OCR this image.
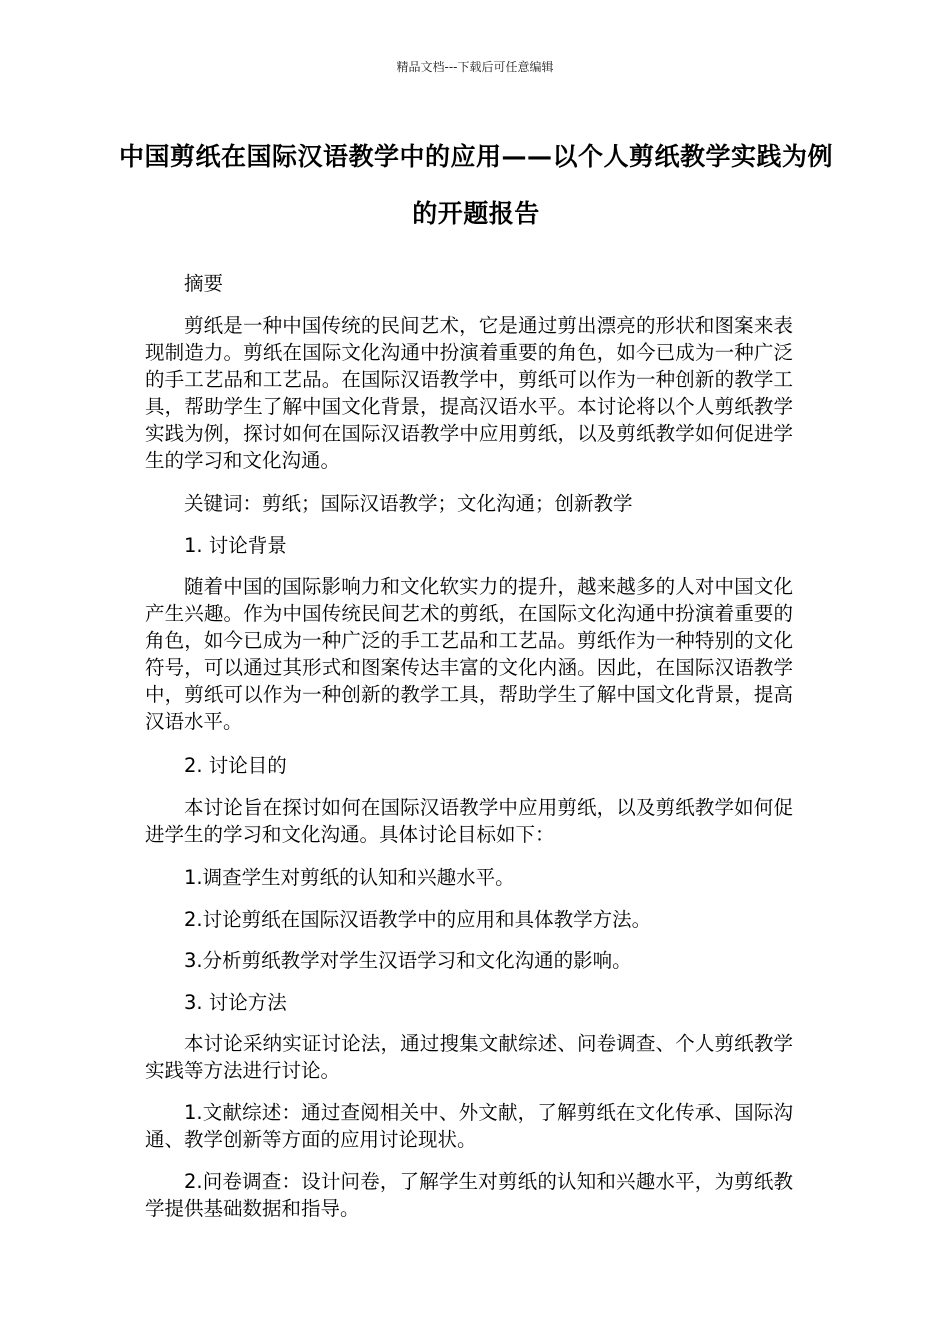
精品文档---下载后可任意编辑
中国剪纸在国际汉语教学中的应用——以个人剪纸教学实践为例的开题报告

摘要

剪纸是一种中国传统的民间艺术，它是通过剪出漂亮的形状和图案来表现制造力。剪纸在国际文化沟通中扮演着重要的角色，如今已成为一种广泛的手工艺品和工艺品。在国际汉语教学中，剪纸可以作为一种创新的教学工具，帮助学生了解中国文化背景，提高汉语水平。本讨论将以个人剪纸教学实践为例，探讨如何在国际汉语教学中应用剪纸，以及剪纸教学如何促进学生的学习和文化沟通。

关键词：剪纸；国际汉语教学；文化沟通；创新教学

1. 讨论背景

随着中国的国际影响力和文化软实力的提升，越来越多的人对中国文化产生兴趣。作为中国传统民间艺术的剪纸，在国际文化沟通中扮演着重要的角色，如今已成为一种广泛的手工艺品和工艺品。剪纸作为一种特别的文化符号，可以通过其形式和图案传达丰富的文化内涵。因此，在国际汉语教学中，剪纸可以作为一种创新的教学工具，帮助学生了解中国文化背景，提高汉语水平。

2. 讨论目的

本讨论旨在探讨如何在国际汉语教学中应用剪纸，以及剪纸教学如何促进学生的学习和文化沟通。具体讨论目标如下：

1.调查学生对剪纸的认知和兴趣水平。

2.讨论剪纸在国际汉语教学中的应用和具体教学方法。

3.分析剪纸教学对学生汉语学习和文化沟通的影响。

3. 讨论方法

本讨论采纳实证讨论法，通过搜集文献综述、问卷调查、个人剪纸教学实践等方法进行讨论。

1.文献综述：通过查阅相关中、外文献，了解剪纸在文化传承、国际沟通、教学创新等方面的应用讨论现状。

2.问卷调查：设计问卷，了解学生对剪纸的认知和兴趣水平，为剪纸教学提供基础数据和指导。
